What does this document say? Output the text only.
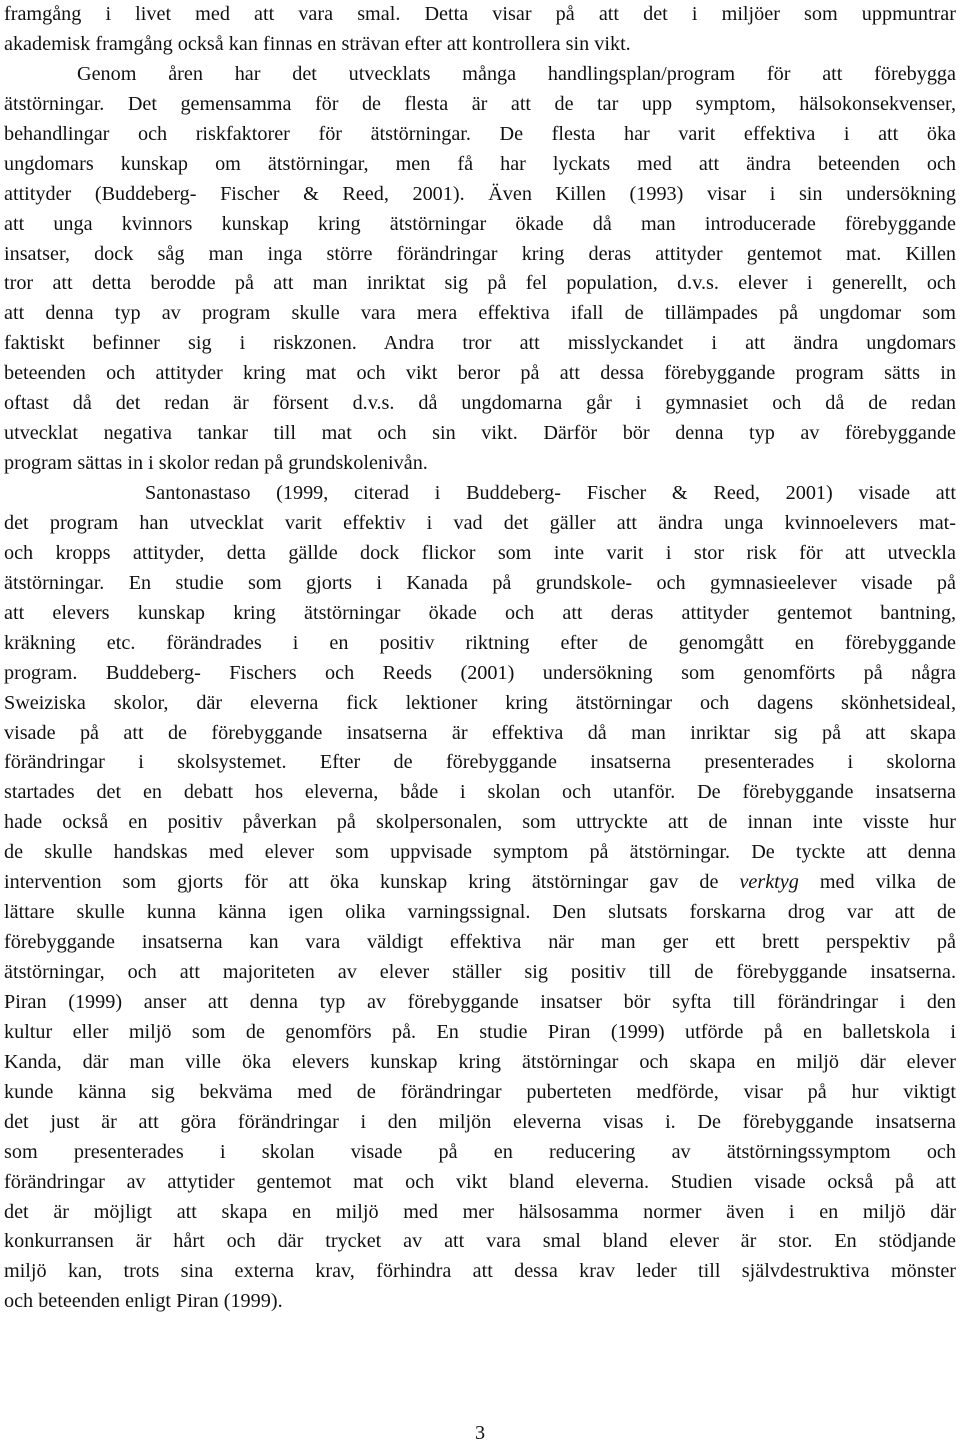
framgång i livet med att vara smal. Detta visar på att det i miljöer som uppmuntrar
akademisk framgång också kan finnas en strävan efter att kontrollera sin vikt.
Genom åren har det utvecklats många handlingsplan/program för att förebygga
ätstörningar. Det gemensamma för de flesta är att de tar upp symptom, hälsokonsekvenser,
behandlingar och riskfaktorer för ätstörningar. De flesta har varit effektiva i att öka
ungdomars kunskap om ätstörningar, men få har lyckats med att ändra beteenden och
attityder (Buddeberg- Fischer & Reed, 2001). Även Killen (1993) visar i sin undersökning
att unga kvinnors kunskap kring ätstörningar ökade då man introducerade förebyggande
insatser, dock såg man inga större förändringar kring deras attityder gentemot mat. Killen
tror att detta berodde på att man inriktat sig på fel population, d.v.s. elever i generellt, och
att denna typ av program skulle vara mera effektiva ifall de tillämpades på ungdomar som
faktiskt befinner sig i riskzonen. Andra tror att misslyckandet i att ändra ungdomars
beteenden och attityder kring mat och vikt beror på att dessa förebyggande program sätts in
oftast då det redan är försent d.v.s. då ungdomarna går i gymnasiet och då de redan
utvecklat negativa tankar till mat och sin vikt. Därför bör denna typ av förebyggande
program sättas in i skolor redan på grundskolenivån.
Santonastaso (1999, citerad i Buddeberg- Fischer & Reed, 2001) visade att
det program han utvecklat varit effektiv i vad det gäller att ändra unga kvinnoelevers mat-
och kropps attityder, detta gällde dock flickor som inte varit i stor risk för att utveckla
ätstörningar. En studie som gjorts i Kanada på grundskole- och gymnasieelever visade på
att elevers kunskap kring ätstörningar ökade och att deras attityder gentemot bantning,
kräkning etc. förändrades i en positiv riktning efter de genomgått en förebyggande
program. Buddeberg- Fischers och Reeds (2001) undersökning som genomförts på några
Sweiziska skolor, där eleverna fick lektioner kring ätstörningar och dagens skönhetsideal,
visade på att de förebyggande insatserna är effektiva då man inriktar sig på att skapa
förändringar i skolsystemet. Efter de förebyggande insatserna presenterades i skolorna
startades det en debatt hos eleverna, både i skolan och utanför. De förebyggande insatserna
hade också en positiv påverkan på skolpersonalen, som uttryckte att de innan inte visste hur
de skulle handskas med elever som uppvisade symptom på ätstörningar. De tyckte att denna
intervention som gjorts för att öka kunskap kring ätstörningar gav de verktyg med vilka de
lättare skulle kunna känna igen olika varningssignal. Den slutsats forskarna drog var att de
förebyggande insatserna kan vara väldigt effektiva när man ger ett brett perspektiv på
ätstörningar, och att majoriteten av elever ställer sig positiv till de förebyggande insatserna.
Piran (1999) anser att denna typ av förebyggande insatser bör syfta till förändringar i den
kultur eller miljö som de genomförs på. En studie Piran (1999) utförde på en balletskola i
Kanda, där man ville öka elevers kunskap kring ätstörningar och skapa en miljö där elever
kunde känna sig bekväma med de förändringar puberteten medförde, visar på hur viktigt
det just är att göra förändringar i den miljön eleverna visas i. De förebyggande insatserna
som presenterades i skolan visade på en reducering av ätstörningssymptom och
förändringar av attytider gentemot mat och vikt bland eleverna. Studien visade också på att
det är möjligt att skapa en miljö med mer hälsosamma normer även i en miljö där
konkurransen är hårt och där trycket av att vara smal bland elever är stor. En stödjande
miljö kan, trots sina externa krav, förhindra att dessa krav leder till självdestruktiva mönster
och beteenden enligt Piran (1999).
3
